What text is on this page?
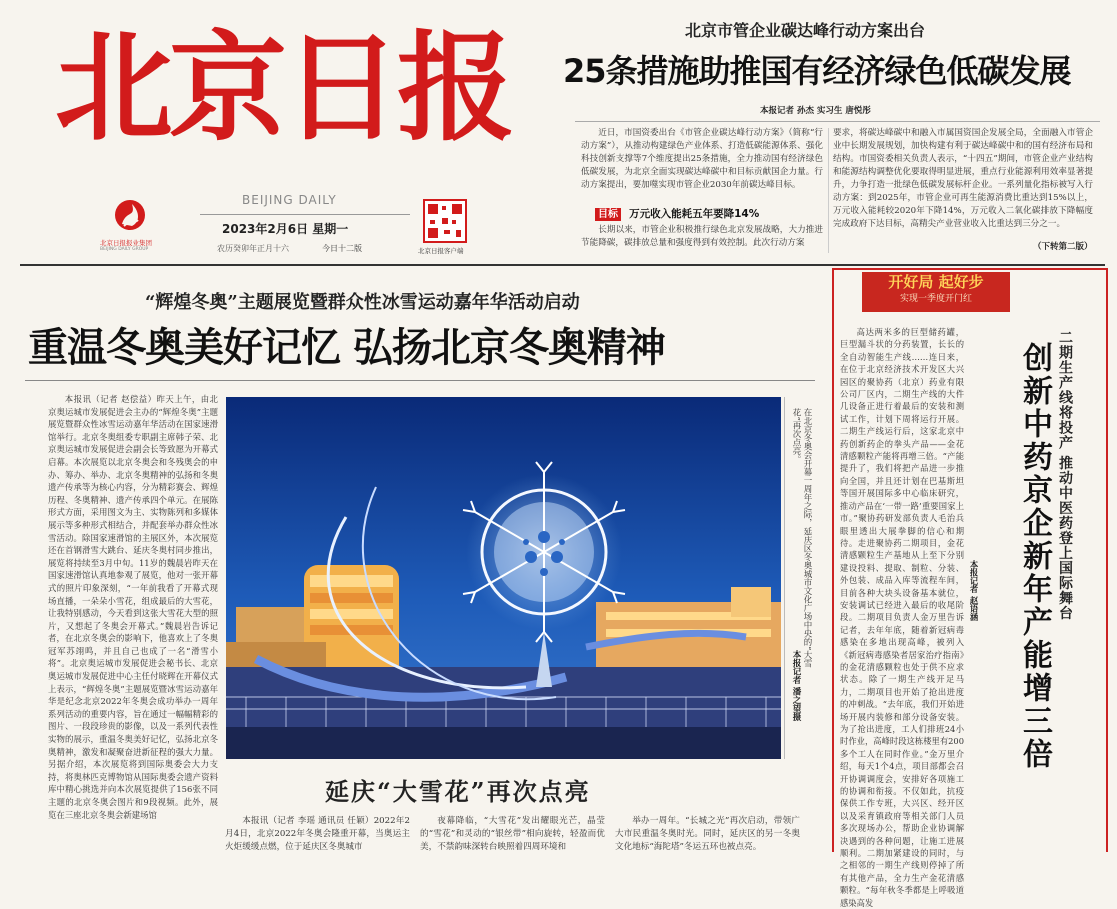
北京日报
BEIJING DAILY
北京日报报业集团
BEIJING DAILY GROUP
2023年2月6日 星期一
农历癸卯年正月十六	今日十二版	北京日报客户端
北京市管企业碳达峰行动方案出台
25条措施助推国有经济绿色低碳发展
本报记者 孙杰 实习生 唐悦彤
近日，市国资委出台《市管企业碳达峰行动方案》（简称“行动方案”），从推动构建绿色产业体系、打造低碳能源体系、强化科技创新支撑等7个维度提出25条措施，全力推动国有经济绿色低碳发展，为北京全面实现碳达峰碳中和目标贡献国企力量。行动方案提出，要加噬实现市管企业2030年前碳达峰目标。
目标 万元收入能耗五年要降14%
长期以来，市管企业积极推行绿色北京发展战略，大力推进节能降碳，碳排放总量和强度得到有效控制。此次行动方案
要求，将碳达峰碳中和融入市属国资国企发展全局，全面融入市管企业中长期发展规划，加快构建有利于碳达峰碳中和的国有经济布局和结构。市国资委相关负责人表示，“十四五”期间，市管企业产业结构和能源结构调整优化要取得明显进展，重点行业能源利用效率显著提升，力争打造一批绿色低碳发展标杆企业。一系列量化指标被写入行动方案：到2025年，市管企业可再生能源消费比重达到15%以上，万元收入能耗较2020年下降14%，万元收入二氧化碳排放下降幅度完成政府下达目标，高精尖产业营业收入比重达到三分之一。
（下转第二版）
“辉煌冬奥”主题展览暨群众性冰雪运动嘉年华活动启动
重温冬奥美好记忆 弘扬北京冬奥精神
本报讯（记者 赵偿益）昨天上午，由北京奥运城市发展促进会主办的“辉煌冬奥”主题展览暨群众性冰雪运动嘉年华活动在国家速滑馆举行。北京冬奥组委专职副主席韩子荣、北京奥运城市发展促进会副会长等致愿为开幕式启幕。本次展览以北京冬奥会和冬残奥会的申办、筹办、举办、北京冬奥精神的弘扬和冬奥遗产传承等为核心内容，分为精彩赛会、辉煌历程、冬奥精神、遗产传承四个单元。在展陈形式方面，采用图文为主、实物陈列和多媒体展示等多种形式相结合，并配套举办群众性冰雪活动。除国家速滑馆的主展区外，本次展览还在首钢滑雪大跳台、延庆冬奥村同步推出，展览将持续至3月中旬。11岁的魏晨岩昨天在国家速滑馆认真地参观了展览，他对一张开幕式的照片印象深刻，“一年前我看了开幕式现场直播，一朵朵小雪花，组成最后的大雪花，让我特别感动，今天看到这张大雪花大型的照片，又想起了冬奥会开幕式。”魏晨岩告诉记者，在北京冬奥会的影响下，他喜欢上了冬奥冠军苏翊鸣，并且自己也成了一名“滑雪小将”。北京奥运城市发展促进会秘书长、北京奥运城市发展促进中心主任付晓辉在开幕仪式上表示，“辉煌冬奥”主题展览暨冰雪运动嘉年华是纪念北京2022年冬奥会成功举办一周年系列活动的重要内容，旨在通过一幅幅精彩的图片、一段段珍贵的影像，以及一系列代表性实物的展示，重温冬奥美好记忆，弘扬北京冬奥精神，激发和凝聚奋进新征程的强大力量。另据介绍，本次展览将到国际奥委会大力支持，将奥林匹克博物馆从国际奥委会遗产资料库中精心挑选并向本次展览提供了156张不同主题的北京冬奥会图片和9段视频。此外，展览在三座北京冬奥会新建场馆
在北京冬奥会开幕一周年之际，延庆区冬奥城市文化广场中央的“大雪花”再次点亮。
本报记者 潘之望摄
延庆“大雪花”再次点亮
本报讯（记者 李瑶 通讯员 任颖）2022年2月4日，北京2022年冬奥会隆重开幕，当奥运主火炬缓缓点燃，位于延庆区冬奥城市
夜幕降临，“大雪花”发出耀眼光芒，晶莹的“雪花”和灵动的“银丝带”相向旋转，轻盈而优美，不禁韵味深转台映照着四周环境和
举办一周年。“长城之光”再次启动，带领广大市民重温冬奥时光。同时，延庆区的另一冬奥文化地标“海陀塔”冬运五环也被点亮。
开好局 起好步
实现一季度开门红
高达两米多的巨型储药罐，巨型漏斗状的分药装置，长长的全自动智能生产线……连日来，在位于北京经济技术开发区大兴园区的聚协药（北京）药业有限公司厂区内，二期生产线的大件几设备正进行着最后的安装和测试工作，计划下周将运行开展。二期生产线运行后，这家北京中药创新药企的拳头产品——金花清感颗粒产能将再增三倍。“产能提升了，我们将把产品进一步推向全国，并且还计划在巴基斯坦等国开展国际多中心临床研究，推动产品在‘一带一路’重要国家上市。”聚协药研发部负责人毛治兵眼里透出大展拳脚的信心和期待。走进聚协药二期项目，金花清感颗粒生产基地从上至下分别建设投料、提取、制粒、分装、外包装、成品入库等流程车间，目前各种大块头设备基本就位，安装调试已经进入最后的收尾阶段。二期项目负责人金万里告诉记者，去年年底，随着新冠病毒感染在多地出现高峰，被列入《新冠病毒感染者居家治疗指南》的金花清感颗粒也处于供不应求状态。除了一期生产线开足马力，二期项目也开始了抢出进度的冲刺战。“去年底，我们开始进场开展内装修和部分设备安装。为了抢出进度，工人们排班24小时作业，高峰时段这栋楼里有200多个工人在同时作业。”金万里介绍，每天1个4点，项目部都会召开协调调度会，安排好各项施工的协调和衔接。不仅如此，抗疫保供工作专班，大兴区、经开区以及采育镇政府等相关部门人员多次现场办公，帮助企业协调解决遇到的各种问题，让施工进展顺利。二期加紧建设的同时，与之相邻的一期生产线则停掉了所有其他产品，全力生产金花清感颗粒。“每年秋冬季都是上呼吸道感染高发
本报记者 赵语涵 创新中药京企新年产能增三倍 二期生产线将投产 推动中医药登上国际舞台
